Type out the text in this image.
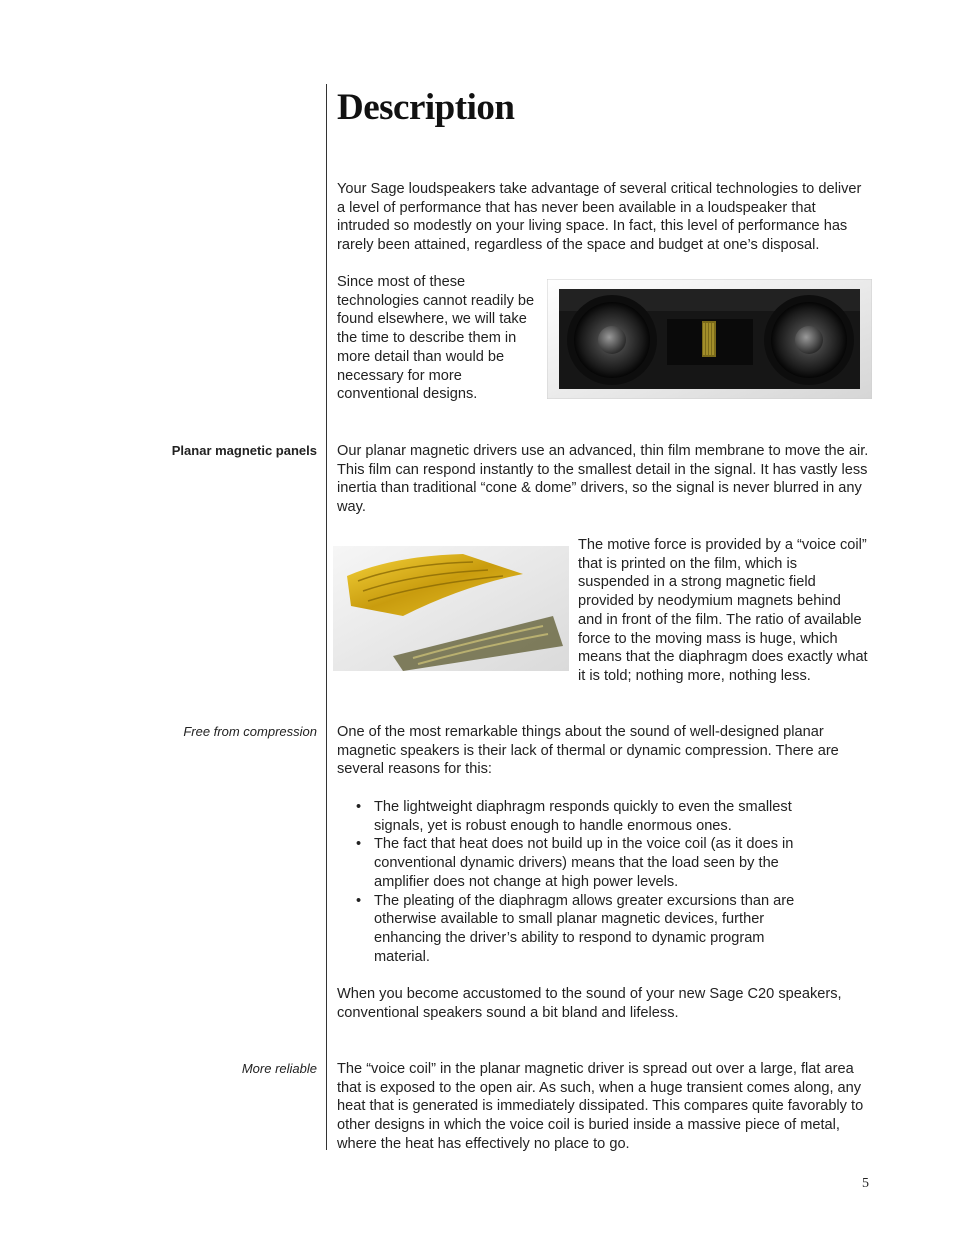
Description

Your Sage loudspeakers take advantage of several critical technologies to deliver a level of performance that has never been available in a loudspeaker that intruded so modestly on your living space. In fact, this level of performance has rarely been attained, regardless of the space and budget at one’s disposal.

Since most of these technologies cannot readily be found elsewhere, we will take the time to describe them in more detail than would be necessary for more conventional designs.

Planar magnetic panels Our planar magnetic drivers use an advanced, thin film membrane to move the air. This film can respond instantly to the smallest detail in the signal. It has vastly less inertia than traditional “cone & dome” drivers, so the signal is never blurred in any way.

The motive force is provided by a “voice coil” that is printed on the film, which is suspended in a strong magnetic field provided by neodymium magnets behind and in front of the film. The ratio of available force to the moving mass is huge, which means that the diaphragm does exactly what it is told; nothing more, nothing less.

Free from compression One of the most remarkable things about the sound of well-designed planar magnetic speakers is their lack of thermal or dynamic compression. There are several reasons for this:

• The lightweight diaphragm responds quickly to even the smallest signals, yet is robust enough to handle enormous ones.
• The fact that heat does not build up in the voice coil (as it does in conventional dynamic drivers) means that the load seen by the amplifier does not change at high power levels.
• The pleating of the diaphragm allows greater excursions than are otherwise available to small planar magnetic devices, further enhancing the driver’s ability to respond to dynamic program material.

When you become accustomed to the sound of your new Sage C20 speakers, conventional speakers sound a bit bland and lifeless.

More reliable The “voice coil” in the planar magnetic driver is spread out over a large, flat area that is exposed to the open air. As such, when a huge transient comes along, any heat that is generated is immediately dissipated. This compares quite favorably to other designs in which the voice coil is buried inside a massive piece of metal, where the heat has effectively no place to go.

5
